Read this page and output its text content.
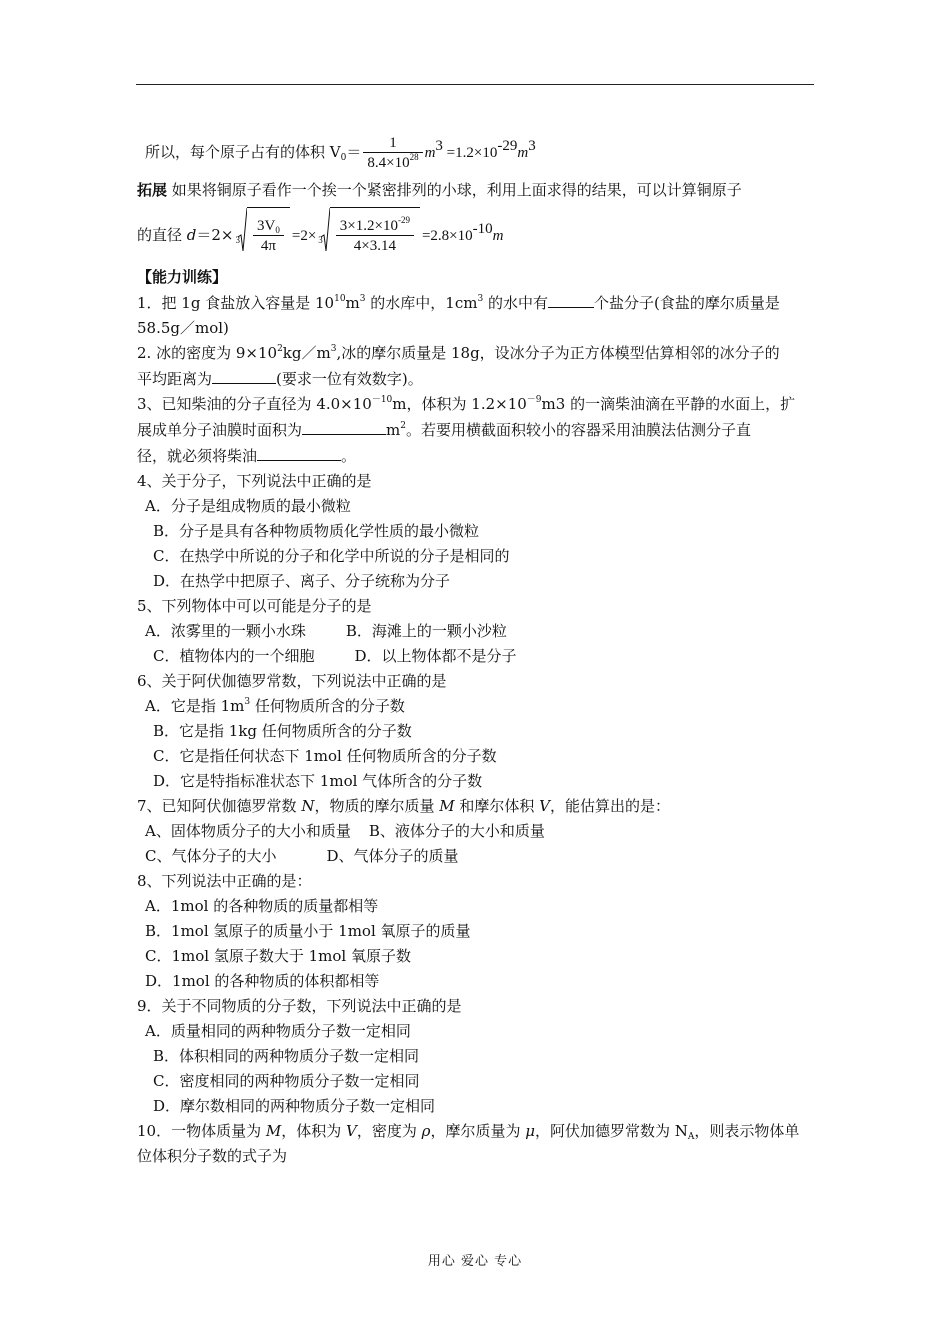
所以，每个原子占有的体积 $V_0= \frac{1}{8.4\times 10^{28}} m^3 =1.2\times 10^{-29}m^3$
拓展 如果将铜原子看作一个挨一个紧密排列的小球，利用上面求得的结果，可以计算铜原子
的直径 $d=2\times 3 \frac{3V_0}{4\pi} =2\times 3 \frac{3\times 1.2\times 10^{-29}}{4\times 3.14} =2.8\times 10^{-10}m$
【能力训练】
1．把 1g 食盐放入容量是 $10^{10}m^3$ 的水库中，$1cm^3$ 的水中有	个盐分子(食盐的摩尔质量是
58.5g／mol)
2. 冰的密度为 $9\times 10^2kg/m^3$,冰的摩尔质量是 18g，设冰分子为正方体模型估算相邻的冰分子的
平均距离为	(要求一位有效数字)。
3、已知柴油的分子直径为 $4.0\times 10^{-10}m$，体积为 $1.2\times 10^{-9}m3$ 的一滴柴油滴在平静的水面上，扩
展成单分子油膜时面积为	$m^2$。若要用横截面积较小的容器采用油膜法估测分子直
径，就必须将柴油	。
4、关于分子，下列说法中正确的是
A．分子是组成物质的最小微粒
B．分子是具有各种物质物质化学性质的最小微粒
C．在热学中所说的分子和化学中所说的分子是相同的
D．在热学中把原子、离子、分子统称为分子
5、下列物体中可以可能是分子的是
A．浓雾里的一颗小水珠	B．海滩上的一颗小沙粒
C．植物体内的一个细胞	D．以上物体都不是分子
6、关于阿伏伽德罗常数，下列说法中正确的是
A．它是指 $1m^3$ 任何物质所含的分子数
B．它是指 1kg 任何物质所含的分子数
C．它是指任何状态下 1mol 任何物质所含的分子数
D．它是特指标准状态下 1mol 气体所含的分子数
7、已知阿伏伽德罗常数 N，物质的摩尔质量 M 和摩尔体积 V，能估算出的是：
A、固体物质分子的大小和质量 B、液体分子的大小和质量
C、气体分子的大小	D、气体分子的质量
8、下列说法中正确的是：
A．1mol 的各种物质的质量都相等
B．1mol 氢原子的质量小于 1mol 氧原子的质量
C．1mol 氢原子数大于 1mol 氧原子数
D．1mol 的各种物质的体积都相等
9．关于不同物质的分子数，下列说法中正确的是
A．质量相同的两种物质分子数一定相同
B．体积相同的两种物质分子数一定相同
C．密度相同的两种物质分子数一定相同
D．摩尔数相同的两种物质分子数一定相同
10．一物体质量为 M，体积为 V，密度为 ρ，摩尔质量为 μ，阿伏加德罗常数为 $N_A$，则表示物体单
位体积分子数的式子为
用心 爱心 专心
